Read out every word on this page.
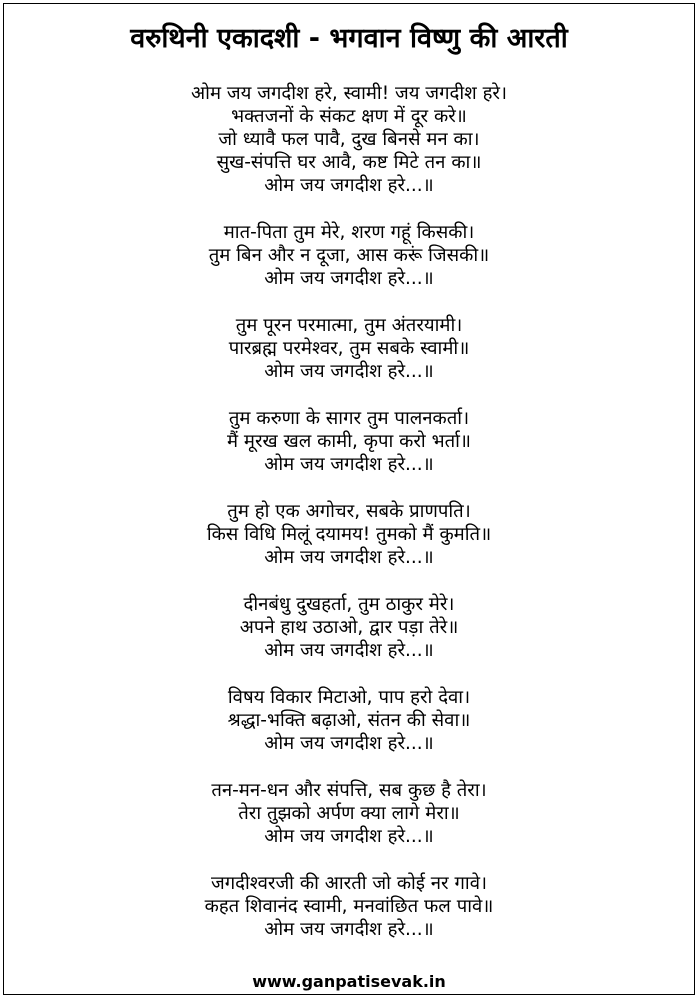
वरुथिनी एकादशी - भगवान विष्णु की आरती
ओम जय जगदीश हरे, स्वामी! जय जगदीश हरे।
भक्तजनों के संकट क्षण में दूर करे॥
जो ध्यावै फल पावै, दुख बिनसे मन का।
सुख-संपत्ति घर आवै, कष्ट मिटे तन का॥
ओम जय जगदीश हरे...॥
मात-पिता तुम मेरे, शरण गहूं किसकी।
तुम बिन और न दूजा, आस करूं जिसकी॥
ओम जय जगदीश हरे...॥
तुम पूरन परमात्मा, तुम अंतरयामी।
पारब्रह्म परमेश्वर, तुम सबके स्वामी॥
ओम जय जगदीश हरे...॥
तुम करुणा के सागर तुम पालनकर्ता।
मैं मूरख खल कामी, कृपा करो भर्ता॥
ओम जय जगदीश हरे...॥
तुम हो एक अगोचर, सबके प्राणपति।
किस विधि मिलूं दयामय! तुमको मैं कुमति॥
ओम जय जगदीश हरे...॥
दीनबंधु दुखहर्ता, तुम ठाकुर मेरे।
अपने हाथ उठाओ, द्वार पड़ा तेरे॥
ओम जय जगदीश हरे...॥
विषय विकार मिटाओ, पाप हरो देवा।
श्रद्धा-भक्ति बढ़ाओ, संतन की सेवा॥
ओम जय जगदीश हरे...॥
तन-मन-धन और संपत्ति, सब कुछ है तेरा।
तेरा तुझको अर्पण क्या लागे मेरा॥
ओम जय जगदीश हरे...॥
जगदीश्वरजी की आरती जो कोई नर गावे।
कहत शिवानंद स्वामी, मनवांछित फल पावे॥
ओम जय जगदीश हरे...॥
www.ganpatisevak.in
